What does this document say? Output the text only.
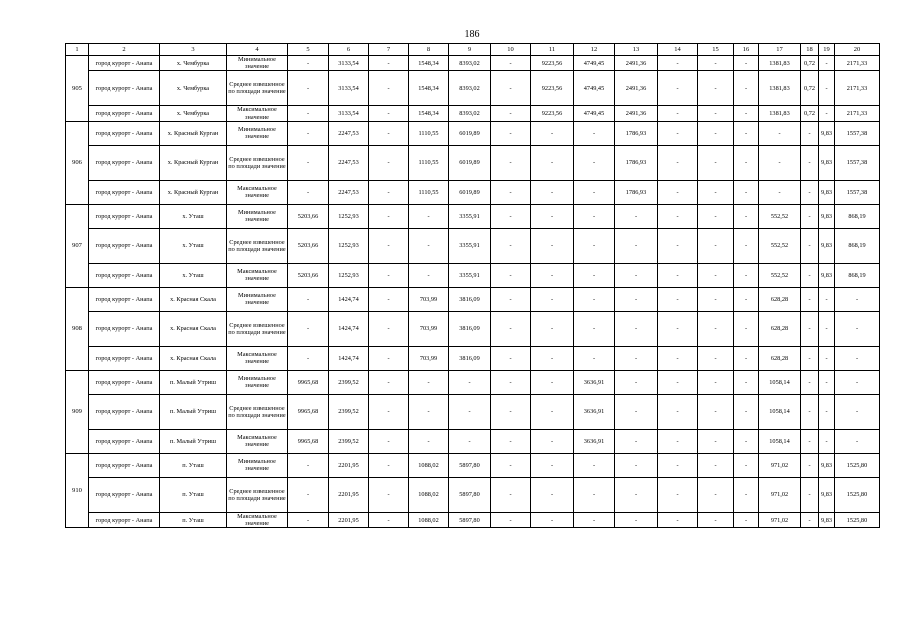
186
1	2	3	4	5	6	7	8	9	10	11	12	13	14	15	16	17	18	19	20
905	город курорт - Анапа	х. Чембурка	Минимальное значение	-	3133,54	-	1548,34	8393,02	-	9223,56	4749,45	2491,36	-	-	-	1381,83	0,72	-	2171,33
	город курорт - Анапа	х. Чембурка	Среднее взвешенное по площади значение	-	3133,54	-	1548,34	8393,02	-	9223,56	4749,45	2491,36	-	-	-	1381,83	0,72	-	2171,33
	город курорт - Анапа	х. Чембурка	Максимальное значение	-	3133,54	-	1548,34	8393,02	-	9223,56	4749,45	2491,36	-	-	-	1381,83	0,72	-	2171,33
906	город курорт - Анапа	х. Красный Курган	Минимальное значение	-	2247,53	-	1110,55	6019,89	-	-	-	1786,93	-	-	-	-	-	9,83	1557,38
	город курорт - Анапа	х. Красный Курган	Среднее взвешенное по площади значение	-	2247,53	-	1110,55	6019,89	-	-	-	1786,93	-	-	-	-	-	9,83	1557,38
	город курорт - Анапа	х. Красный Курган	Максимальное значение	-	2247,53	-	1110,55	6019,89	-	-	-	1786,93	-	-	-	-	-	9,83	1557,38
907	город курорт - Анапа	х. Уташ	Минимальное значение	5203,66	1252,93	-	-	3355,91	-	-	-	-	-	-	-	552,52	-	9,83	868,19
	город курорт - Анапа	х. Уташ	Среднее взвешенное по площади значение	5203,66	1252,93	-	-	3355,91	-	-	-	-	-	-	-	552,52	-	9,83	868,19
	город курорт - Анапа	х. Уташ	Максимальное значение	5203,66	1252,93	-	-	3355,91	-	-	-	-	-	-	-	552,52	-	9,83	868,19
908	город курорт - Анапа	х. Красная Скала	Минимальное значение	-	1424,74	-	703,99	3816,09	-	-	-	-	-	-	-	628,28	-	-	-
	город курорт - Анапа	х. Красная Скала	Среднее взвешенное по площади значение	-	1424,74	-	703,99	3816,09	-	-	-	-	-	-	-	628,28	-	-	-
	город курорт - Анапа	х. Красная Скала	Максимальное значение	-	1424,74	-	703,99	3816,09	-	-	-	-	-	-	-	628,28	-	-	-
909	город курорт - Анапа	п. Малый Утриш	Минимальное значение	9965,68	2399,52	-	-	-	-	-	3636,91	-	-	-	-	1058,14	-	-	-
	город курорт - Анапа	п. Малый Утриш	Среднее взвешенное по площади значение	9965,68	2399,52	-	-	-	-	-	3636,91	-	-	-	-	1058,14	-	-	-
	город курорт - Анапа	п. Малый Утриш	Максимальное значение	9965,68	2399,52	-	-	-	-	-	3636,91	-	-	-	-	1058,14	-	-	-
910	город курорт - Анапа	п. Уташ	Минимальное значение	-	2201,95	-	1088,02	5897,80	-	-	-	-	-	-	-	971,02	-	9,83	1525,80
	город курорт - Анапа	п. Уташ	Среднее взвешенное по площади значение	-	2201,95	-	1088,02	5897,80	-	-	-	-	-	-	-	971,02	-	9,83	1525,80
	город курорт - Анапа	п. Уташ	Максимальное значение	-	2201,95	-	1088,02	5897,80	-	-	-	-	-	-	-	971,02	-	9,83	1525,80
